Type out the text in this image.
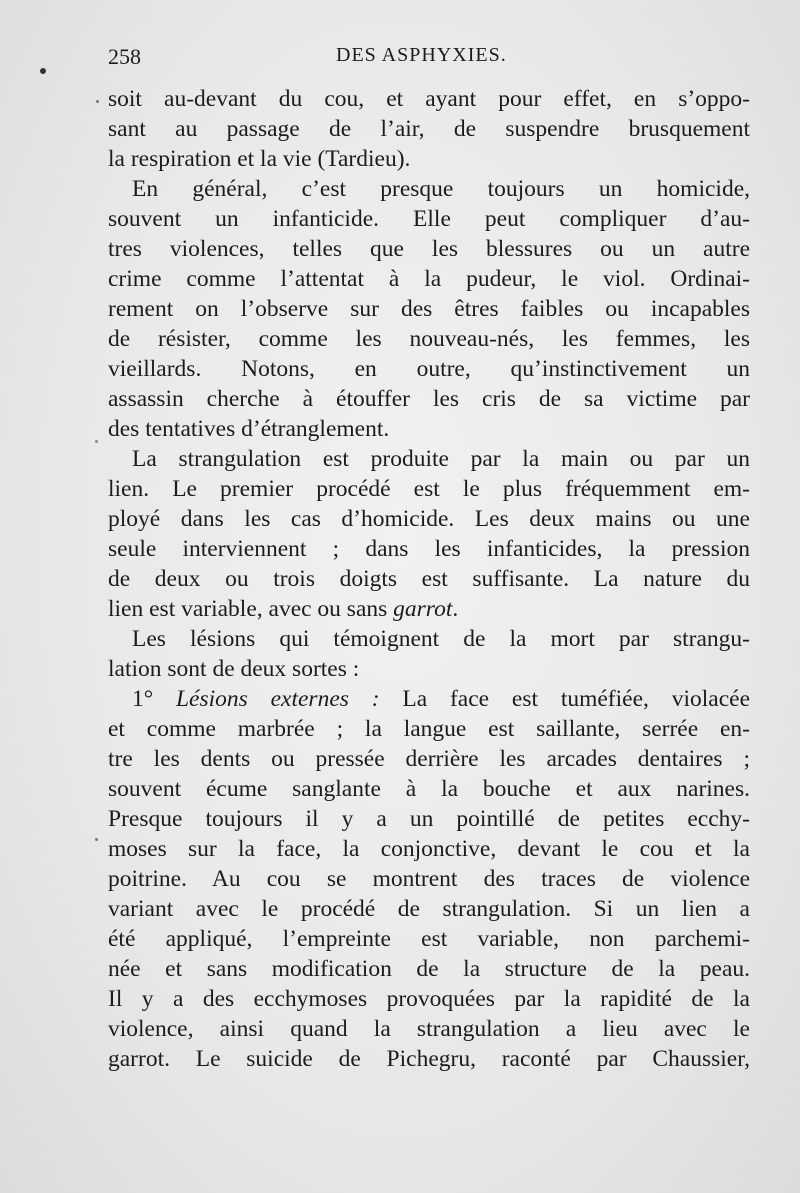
258	DES ASPHYXIES.
soit au-devant du cou, et ayant pour effet, en s’oppo-
sant au passage de l’air, de suspendre brusquement
la respiration et la vie (Tardieu).
En général, c’est presque toujours un homicide,
souvent un infanticide. Elle peut compliquer d’au-
tres violences, telles que les blessures ou un autre
crime comme l’attentat à la pudeur, le viol. Ordinai-
rement on l’observe sur des êtres faibles ou incapables
de résister, comme les nouveau-nés, les femmes, les
vieillards. Notons, en outre, qu’instinctivement un
assassin cherche à étouffer les cris de sa victime par
des tentatives d’étranglement.
La strangulation est produite par la main ou par un
lien. Le premier procédé est le plus fréquemment em-
ployé dans les cas d’homicide. Les deux mains ou une
seule interviennent ; dans les infanticides, la pression
de deux ou trois doigts est suffisante. La nature du
lien est variable, avec ou sans garrot.
Les lésions qui témoignent de la mort par strangu-
lation sont de deux sortes :
1° Lésions externes : La face est tuméfiée, violacée
et comme marbrée ; la langue est saillante, serrée en-
tre les dents ou pressée derrière les arcades dentaires ;
souvent écume sanglante à la bouche et aux narines.
Presque toujours il y a un pointillé de petites ecchy-
moses sur la face, la conjonctive, devant le cou et la
poitrine. Au cou se montrent des traces de violence
variant avec le procédé de strangulation. Si un lien a
été appliqué, l’empreinte est variable, non parchemi-
née et sans modification de la structure de la peau.
Il y a des ecchymoses provoquées par la rapidité de la
violence, ainsi quand la strangulation a lieu avec le
garrot. Le suicide de Pichegru, raconté par Chaussier,
